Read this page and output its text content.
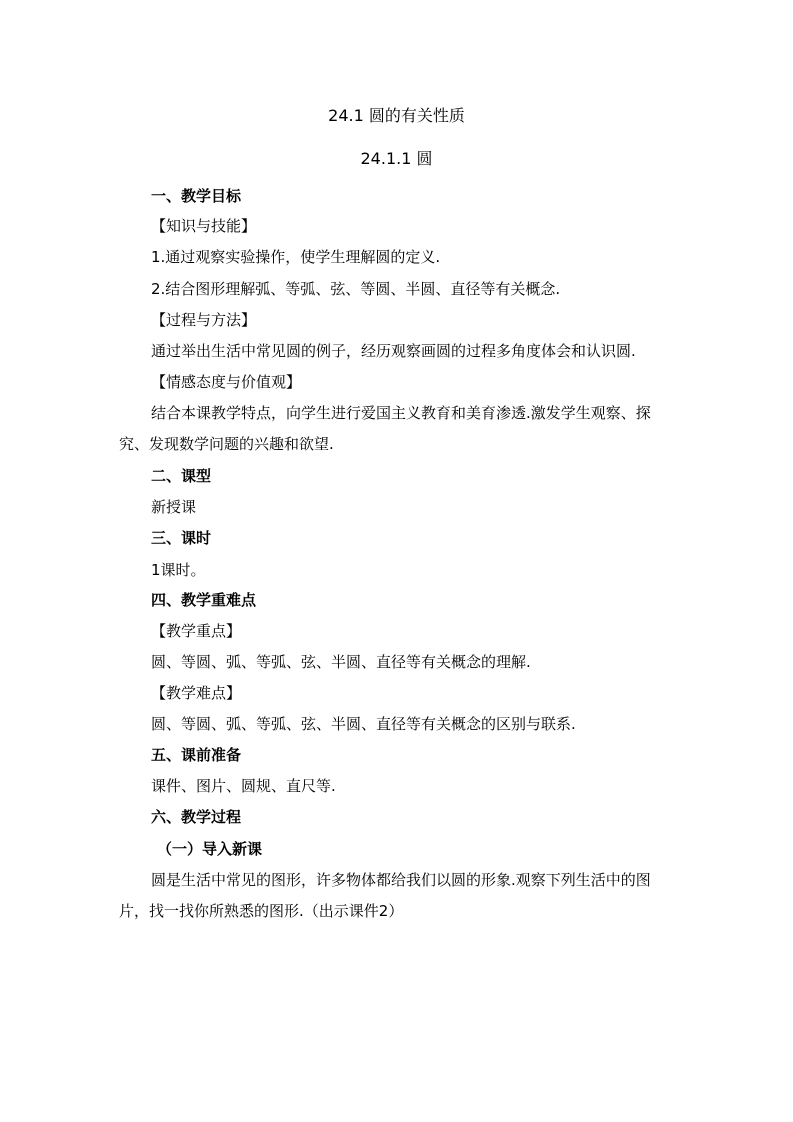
24.1 圆的有关性质
24.1.1 圆
一、教学目标
【知识与技能】
1.通过观察实验操作，使学生理解圆的定义.
2.结合图形理解弧、等弧、弦、等圆、半圆、直径等有关概念.
【过程与方法】
通过举出生活中常见圆的例子，经历观察画圆的过程多角度体会和认识圆.
【情感态度与价值观】
结合本课教学特点，向学生进行爱国主义教育和美育渗透.激发学生观察、探究、发现数学问题的兴趣和欲望.
二、课型
新授课
三、课时
1课时。
四、教学重难点
【教学重点】
圆、等圆、弧、等弧、弦、半圆、直径等有关概念的理解.
【教学难点】
圆、等圆、弧、等弧、弦、半圆、直径等有关概念的区别与联系.
五、课前准备
课件、图片、圆规、直尺等.
六、教学过程
（一）导入新课
圆是生活中常见的图形，许多物体都给我们以圆的形象.观察下列生活中的图片，找一找你所熟悉的图形.（出示课件2）
